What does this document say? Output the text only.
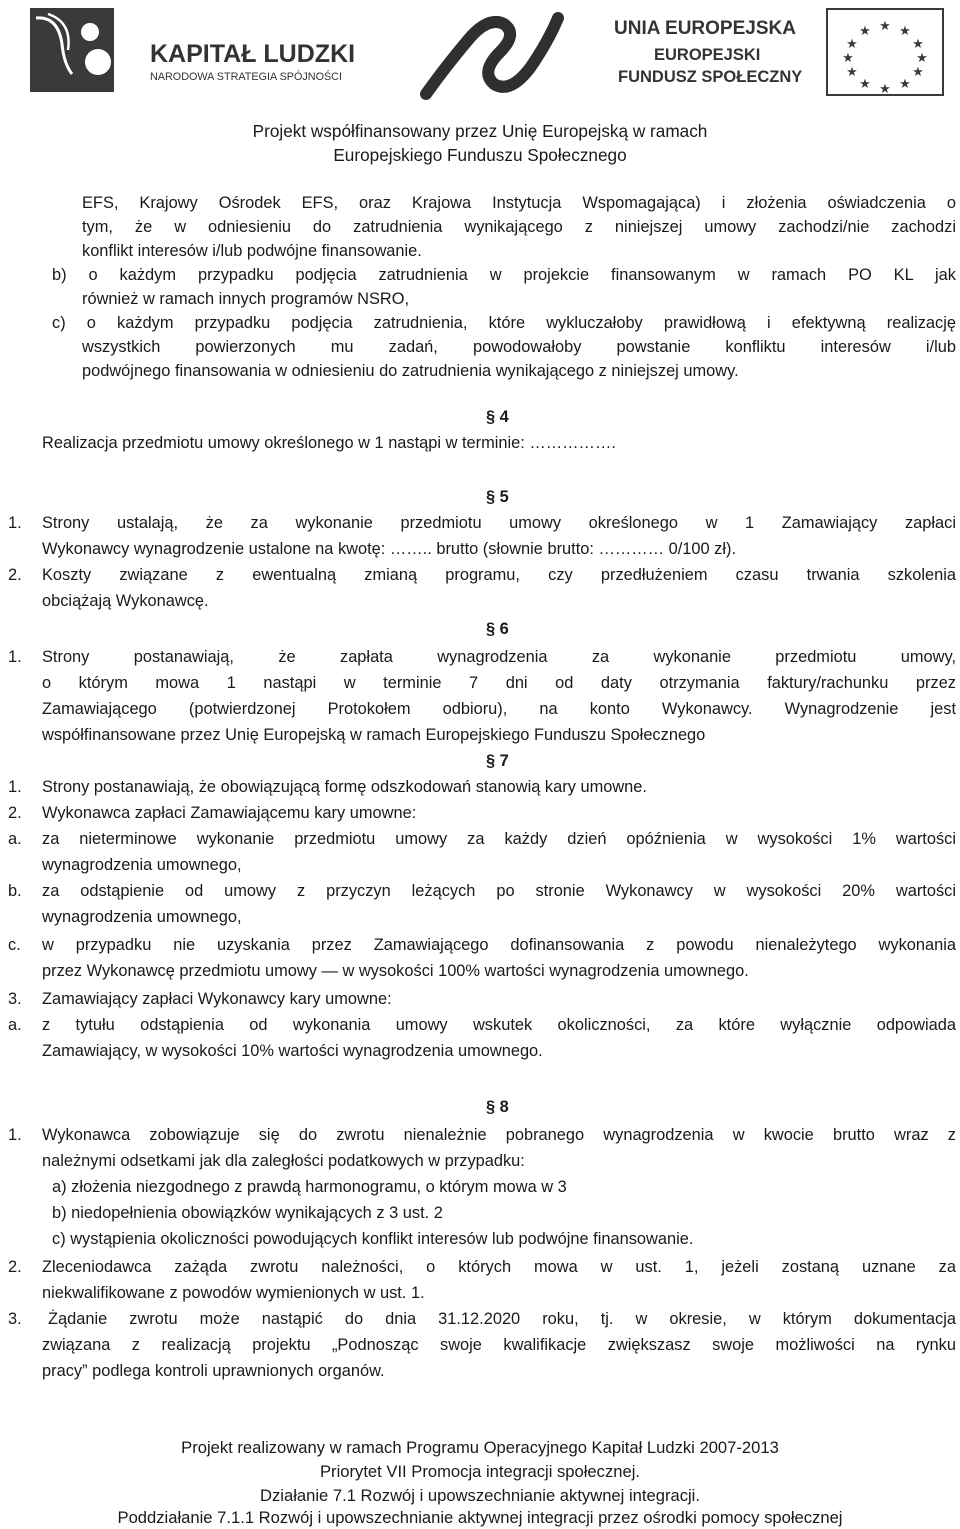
KAPITAŁ LUDZKI
NARODOWA STRATEGIA SPÓJNOŚCI
UNIA EUROPEJSKA
EUROPEJSKI
FUNDUSZ SPOŁECZNY
★ ★
★
★
★
★
★
★
★
★
★
★
Projekt współfinansowany przez Unię Europejską w ramach
Europejskiego Funduszu Społecznego
EFS, Krajowy Ośrodek EFS, oraz Krajowa Instytucja Wspomagająca) i złożenia oświadczenia o
tym, że w odniesieniu do zatrudnienia wynikającego z niniejszej umowy zachodzi/nie zachodzi
konflikt interesów i/lub podwójne finansowanie.
b) o każdym przypadku podjęcia zatrudnienia w projekcie finansowanym w ramach PO KL jak
również w ramach innych programów NSRO,
c) o każdym przypadku podjęcia zatrudnienia, które wykluczałoby prawidłową i efektywną realizację
wszystkich powierzonych mu zadań, powodowałoby powstanie konfliktu interesów i/lub
podwójnego finansowania w odniesieniu do zatrudnienia wynikającego z niniejszej umowy.
§ 4
Realizacja przedmiotu umowy określonego w 1 nastąpi w terminie: …………….
§ 5
1. Strony ustalają, że za wykonanie przedmiotu umowy określonego w 1 Zamawiający zapłaci
Wykonawcy wynagrodzenie ustalone na kwotę: …….. brutto (słownie brutto: ………… 0/100 zł).
2. Koszty związane z ewentualną zmianą programu, czy przedłużeniem czasu trwania szkolenia
obciążają Wykonawcę.
§ 6
1. Strony postanawiają, że zapłata wynagrodzenia za wykonanie przedmiotu umowy,
o którym mowa 1 nastąpi w terminie 7 dni od daty otrzymania faktury/rachunku przez
Zamawiającego (potwierdzonej Protokołem odbioru), na konto Wykonawcy. Wynagrodzenie jest
współfinansowane przez Unię Europejską w ramach Europejskiego Funduszu Społecznego
§ 7
1. Strony postanawiają, że obowiązującą formę odszkodowań stanowią kary umowne.
2. Wykonawca zapłaci Zamawiającemu kary umowne:
a. za nieterminowe wykonanie przedmiotu umowy za każdy dzień opóźnienia w wysokości 1% wartości
wynagrodzenia umownego,
b. za odstąpienie od umowy z przyczyn leżących po stronie Wykonawcy w wysokości 20% wartości
wynagrodzenia umownego,
c. w przypadku nie uzyskania przez Zamawiającego dofinansowania z powodu nienależytego wykonania
przez Wykonawcę przedmiotu umowy — w wysokości 100% wartości wynagrodzenia umownego.
3. Zamawiający zapłaci Wykonawcy kary umowne:
a. z tytułu odstąpienia od wykonania umowy wskutek okoliczności, za które wyłącznie odpowiada
Zamawiający, w wysokości 10% wartości wynagrodzenia umownego.
§ 8
1. Wykonawca zobowiązuje się do zwrotu nienależnie pobranego wynagrodzenia w kwocie brutto wraz z
należnymi odsetkami jak dla zaległości podatkowych w przypadku:
a) złożenia niezgodnego z prawdą harmonogramu, o którym mowa w 3
b) niedopełnienia obowiązków wynikających z 3 ust. 2
c) wystąpienia okoliczności powodujących konflikt interesów lub podwójne finansowanie.
2. Zleceniodawca zażąda zwrotu należności, o których mowa w ust. 1, jeżeli zostaną uznane za
niekwalifikowane z powodów wymienionych w ust. 1.
3. Żądanie zwrotu może nastąpić do dnia 31.12.2020 roku, tj. w okresie, w którym dokumentacja
związana z realizacją projektu „Podnosząc swoje kwalifikacje zwiększasz swoje możliwości na rynku
pracy” podlega kontroli uprawnionych organów.
Projekt realizowany w ramach Programu Operacyjnego Kapitał Ludzki 2007-2013
Priorytet VII Promocja integracji społecznej.
Działanie 7.1 Rozwój i upowszechnianie aktywnej integracji.
Poddziałanie 7.1.1 Rozwój i upowszechnianie aktywnej integracji przez ośrodki pomocy społecznej
